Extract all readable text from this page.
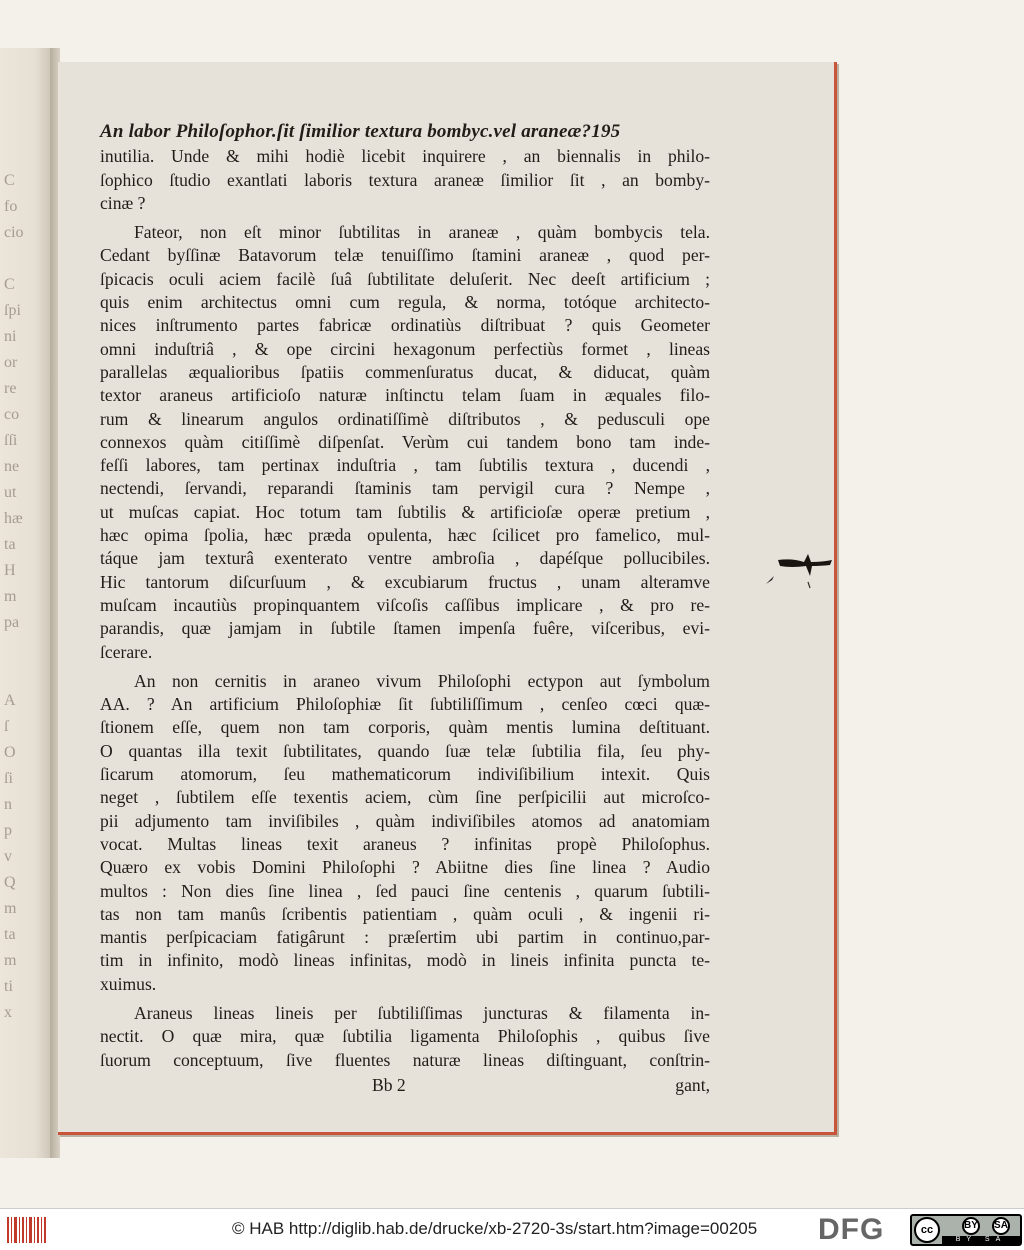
C
fo
cio
C
ſpi
ni
or
re
co
ſſi
ne
ut
hæ
ta
H
m
pa
A
ſ
O
ſi
n
p
v
Q
m
ta
m
ti
x
An labor Philoſophor.ſit ſimilior textura bombyc.vel araneæ?195
inutilia. Unde & mihi hodiè licebit inquirere , an biennalis in philo-
ſophico ſtudio exantlati laboris textura araneæ ſimilior ſit , an bomby-
cinæ ?
Fateor, non eſt minor ſubtilitas in araneæ , quàm bombycis tela.
Cedant byſſinæ Batavorum telæ tenuiſſimo ſtamini araneæ , quod per-
ſpicacis oculi aciem facilè ſuâ ſubtilitate deluſerit. Nec deeſt artificium ;
quis enim architectus omni cum regula, & norma, totóque architecto-
nices inſtrumento partes fabricæ ordinatiùs diſtribuat ? quis Geometer
omni induſtriâ , & ope circini hexagonum perfectiùs formet , lineas
parallelas æqualioribus ſpatiis commenſuratus ducat, & diducat, quàm
textor araneus artificioſo naturæ inſtinctu telam ſuam in æquales filo-
rum & linearum angulos ordinatiſſimè diſtributos , & pedusculi ope
connexos quàm citiſſimè diſpenſat. Verùm cui tandem bono tam inde-
feſſi labores, tam pertinax induſtria , tam ſubtilis textura , ducendi ,
nectendi, ſervandi, reparandi ſtaminis tam pervigil cura ? Nempe ,
ut muſcas capiat. Hoc totum tam ſubtilis & artificioſæ operæ pretium ,
hæc opima ſpolia, hæc præda opulenta, hæc ſcilicet pro famelico, mul-
táque jam texturâ exenterato ventre ambroſia , dapéſque pollucibiles.
Hic tantorum diſcurſuum , & excubiarum fructus , unam alteramve
muſcam incautiùs propinquantem viſcoſis caſſibus implicare , & pro re-
parandis, quæ jamjam in ſubtile ſtamen impenſa fuêre, viſceribus, evi-
ſcerare.
An non cernitis in araneo vivum Philoſophi ectypon aut ſymbolum
AA. ? An artificium Philoſophiæ ſit ſubtiliſſimum , cenſeo cœci quæ-
ſtionem eſſe, quem non tam corporis, quàm mentis lumina deſtituant.
O quantas illa texit ſubtilitates, quando ſuæ telæ ſubtilia fila, ſeu phy-
ſicarum atomorum, ſeu mathematicorum indiviſibilium intexit. Quis
neget , ſubtilem eſſe texentis aciem, cùm ſine perſpicilii aut microſco-
pii adjumento tam inviſibiles , quàm indiviſibiles atomos ad anatomiam
vocat. Multas lineas texit araneus ? infinitas propè Philoſophus.
Quæro ex vobis Domini Philoſophi ? Abiitne dies ſine linea ? Audio
multos : Non dies ſine linea , ſed pauci ſine centenis , quarum ſubtili-
tas non tam manûs ſcribentis patientiam , quàm oculi , & ingenii ri-
mantis perſpicaciam fatigârunt : præſertim ubi partim in continuo,par-
tim in infinito, modò lineas infinitas, modò in lineis infinita puncta te-
xuimus.
Araneus lineas lineis per ſubtiliſſimas juncturas & filamenta in-
nectit. O quæ mira, quæ ſubtilia ligamenta Philoſophis , quibus ſive
ſuorum conceptuum, ſive fluentes naturæ lineas diſtinguant, conſtrin-
Bb 2	gant,
© HAB http://diglib.hab.de/drucke/xb-2720-3s/start.htm?image=00205 DFG	cc	BY SA
BY SA
